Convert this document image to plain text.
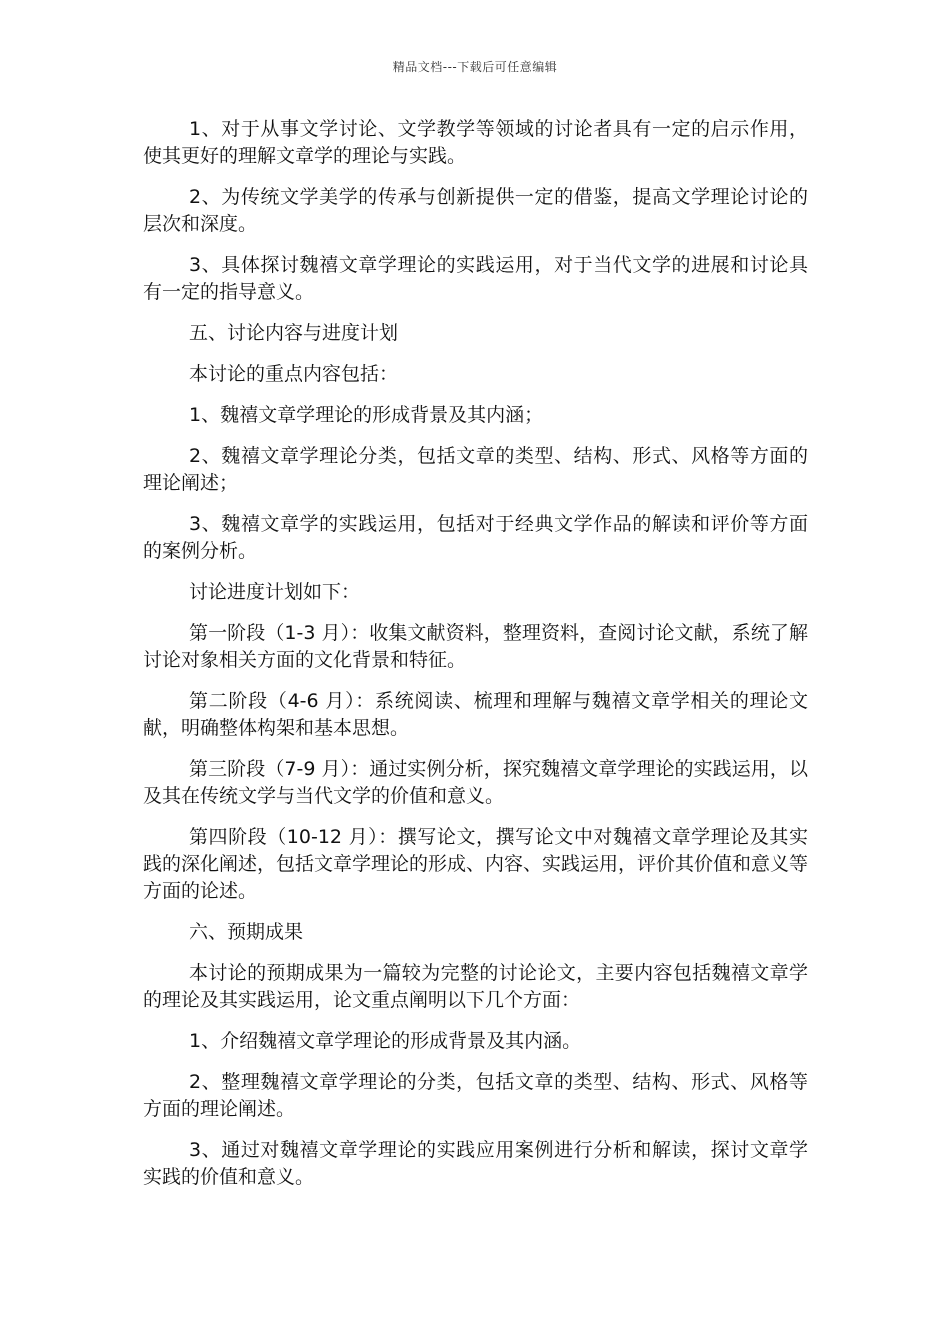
精品文档---下载后可任意编辑

1、对于从事文学讨论、文学教学等领域的讨论者具有一定的启示作用，使其更好的理解文章学的理论与实践。

2、为传统文学美学的传承与创新提供一定的借鉴，提高文学理论讨论的层次和深度。

3、具体探讨魏禧文章学理论的实践运用，对于当代文学的进展和讨论具有一定的指导意义。

五、讨论内容与进度计划

本讨论的重点内容包括：

1、魏禧文章学理论的形成背景及其内涵；

2、魏禧文章学理论分类，包括文章的类型、结构、形式、风格等方面的理论阐述；

3、魏禧文章学的实践运用，包括对于经典文学作品的解读和评价等方面的案例分析。

讨论进度计划如下：

第一阶段（1-3 月）：收集文献资料，整理资料，查阅讨论文献，系统了解讨论对象相关方面的文化背景和特征。

第二阶段（4-6 月）：系统阅读、梳理和理解与魏禧文章学相关的理论文献，明确整体构架和基本思想。

第三阶段（7-9 月）：通过实例分析，探究魏禧文章学理论的实践运用，以及其在传统文学与当代文学的价值和意义。

第四阶段（10-12 月）：撰写论文，撰写论文中对魏禧文章学理论及其实践的深化阐述，包括文章学理论的形成、内容、实践运用，评价其价值和意义等方面的论述。

六、预期成果

本讨论的预期成果为一篇较为完整的讨论论文，主要内容包括魏禧文章学的理论及其实践运用，论文重点阐明以下几个方面：

1、介绍魏禧文章学理论的形成背景及其内涵。

2、整理魏禧文章学理论的分类，包括文章的类型、结构、形式、风格等方面的理论阐述。

3、通过对魏禧文章学理论的实践应用案例进行分析和解读，探讨文章学实践的价值和意义。
